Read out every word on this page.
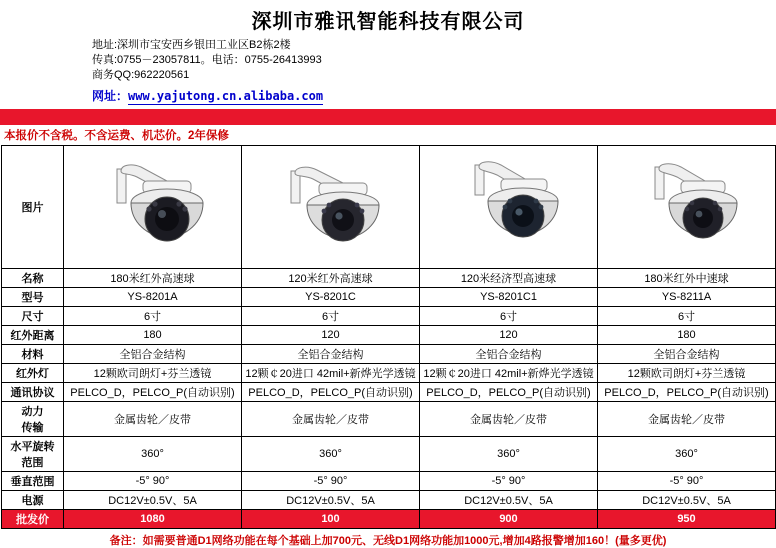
深圳市雅讯智能科技有限公司
地址:深圳市宝安西乡银田工业区B2栋2楼
传真:0755－23057811。电话：0755-26413993
商务QQ:962220561
网址：www.yajutong.cn.alibaba.com
本报价不含税。不含运费、机芯价。2年保修
图片	

名称	180米红外高速球	120米红外高速球	120米经济型高速球	180米红外中速球
型号	YS-8201A	YS-8201C	YS-8201C1	YS-8211A
尺寸	6寸	6寸	6寸	6寸
红外距离	180	120	120	180
材料	全铝合金结构	全铝合金结构	全铝合金结构	全铝合金结构
红外灯	12颗欧司朗灯+芬兰透镜	12颗￠20进口 42mil+新烨光学透镜	12颗￠20进口 42mil+新烨光学透镜	12颗欧司朗灯+芬兰透镜
通讯协议	PELCO_D，PELCO_P(自动识别)	PELCO_D，PELCO_P(自动识别)	PELCO_D，PELCO_P(自动识别)	PELCO_D，PELCO_P(自动识别)
动力	金属齿轮／皮带	金属齿轮／皮带	金属齿轮／皮带	金属齿轮／皮带
传输				
水平旋转	360°	360°	360°	360°
范围				
垂直范围	-5° 90°	-5° 90°	-5° 90°	-5° 90°
电源	DC12V±0.5V、5A	DC12V±0.5V、5A	DC12V±0.5V、5A	DC12V±0.5V、5A
批发价	1080	100	900	950
备注：如需要普通D1网络功能在每个基础上加700元、无线D1网络功能加1000元,增加4路报警增加160！(量多更优)
